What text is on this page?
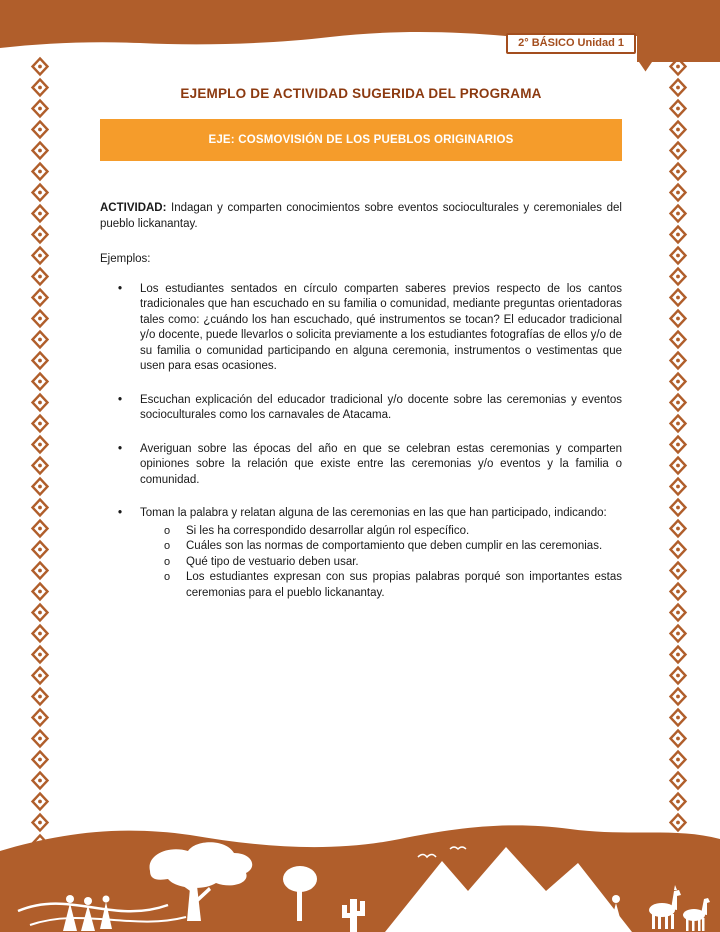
2° BÁSICO Unidad 1
EJEMPLO DE ACTIVIDAD SUGERIDA DEL PROGRAMA
EJE: COSMOVISIÓN DE LOS PUEBLOS ORIGINARIOS

ACTIVIDAD: Indagan y comparten conocimientos sobre eventos socioculturales y ceremoniales del pueblo lickanantay.

Ejemplos:

•	Los estudiantes sentados en círculo comparten saberes previos respecto de los cantos tradicionales que han escuchado en su familia o comunidad, mediante preguntas orientadoras tales como: ¿cuándo los han escuchado, qué instrumentos se tocan? El educador tradicional y/o docente, puede llevarlos o solicita previamente a los estudiantes fotografías de ellos y/o de su familia o comunidad participando en alguna ceremonia, instrumentos o vestimentas que usen para esas ocasiones.

•	Escuchan explicación del educador tradicional y/o docente sobre las ceremonias y eventos socioculturales como los carnavales de Atacama.

•	Averiguan sobre las épocas del año en que se celebran estas ceremonias y comparten opiniones sobre la relación que existe entre las ceremonias y/o eventos y la familia o comunidad.

•	Toman la palabra y relatan alguna de las ceremonias en las que han participado, indicando:

o	Si les ha correspondido desarrollar algún rol específico.

o	Cuáles son las normas de comportamiento que deben cumplir en las ceremonias.

o	Qué tipo de vestuario deben usar.

o	Los estudiantes expresan con sus propias palabras porqué son importantes estas ceremonias para el pueblo lickanantay.
